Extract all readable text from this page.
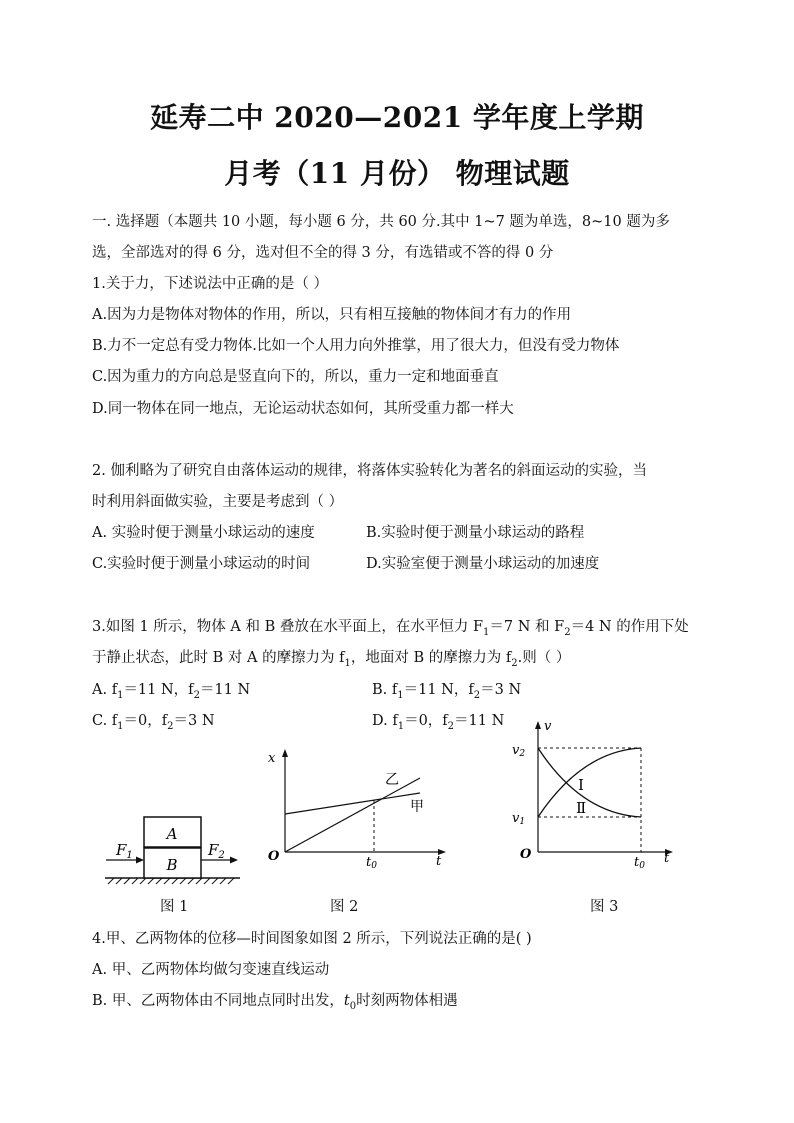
延寿二中 2020—2021 学年度上学期
月考（11 月份） 物理试题
一. 选择题（本题共 10 小题，每小题 6 分，共 60 分.其中 1~7 题为单选，8~10 题为多
选，全部选对的得 6 分，选对但不全的得 3 分，有选错或不答的得 0 分
1.关于力，下述说法中正确的是（ ）
A.因为力是物体对物体的作用，所以，只有相互接触的物体间才有力的作用
B.力不一定总有受力物体.比如一个人用力向外推掌，用了很大力，但没有受力物体
C.因为重力的方向总是竖直向下的，所以，重力一定和地面垂直
D.同一物体在同一地点，无论运动状态如何，其所受重力都一样大
2. 伽利略为了研究自由落体运动的规律，将落体实验转化为著名的斜面运动的实验，当
时利用斜面做实验，主要是考虑到（ ）
A. 实验时便于测量小球运动的速度	B.实验时便于测量小球运动的路程
C.实验时便于测量小球运动的时间	D.实验室便于测量小球运动的加速度
3.如图 1 所示，物体 A 和 B 叠放在水平面上，在水平恒力 $F_1=7$ N 和 $F_2=4$ N 的作用下处
于静止状态，此时 B 对 A 的摩擦力为 $f_1$，地面对 B 的摩擦力为 $f_2$.则（ ）
A. $f_1=11$ N，$f_2=11$ N	B. $f_1=11$ N，$f_2=3$ N
C. $f_1=0$，$f_2=3$ N	D. $f_1=0$，$f_2=11$ N
A
B
$F_1$	$F_2$
图 1
x
t
O	t0
乙
甲
图 2
v
t
O
v2
v1
t0
Ⅰ
Ⅱ
图 3
4.甲、乙两物体的位移—时间图象如图 2 所示，下列说法正确的是( )
A. 甲、乙两物体均做匀变速直线运动
B. 甲、乙两物体由不同地点同时出发，$t_0$时刻两物体相遇
